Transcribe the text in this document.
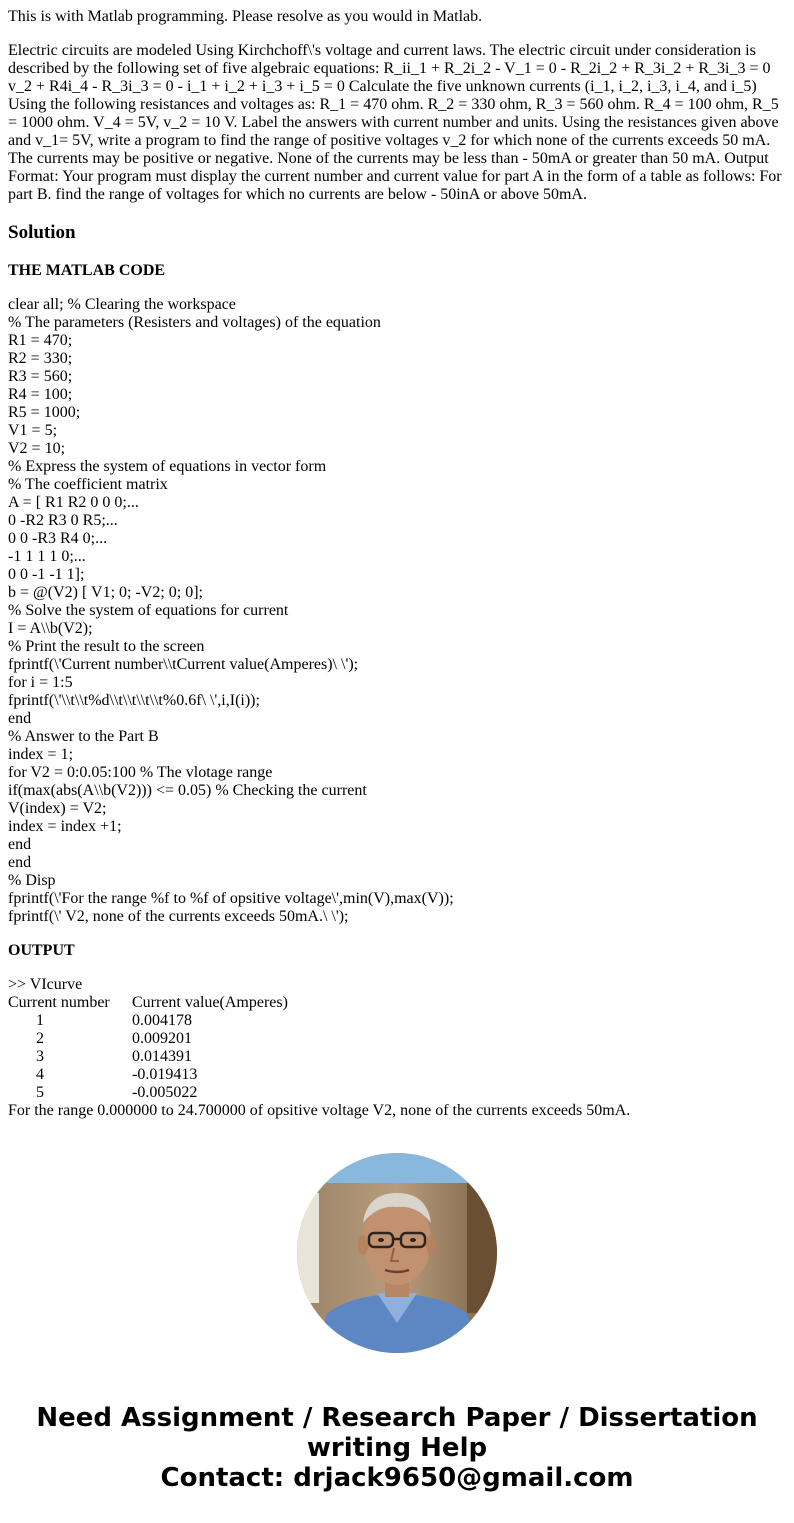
This is with Matlab programming. Please resolve as you would in Matlab.

Electric circuits are modeled Using Kirchchoff\'s voltage and current laws. The electric circuit under consideration is described by the following set of five algebraic equations: R_ii_1 + R_2i_2 - V_1 = 0 - R_2i_2 + R_3i_2 + R_3i_3 = 0 v_2 + R4i_4 - R_3i_3 = 0 - i_1 + i_2 + i_3 + i_5 = 0 Calculate the five unknown currents (i_1, i_2, i_3, i_4, and i_5) Using the following resistances and voltages as: R_1 = 470 ohm. R_2 = 330 ohm, R_3 = 560 ohm. R_4 = 100 ohm, R_5 = 1000 ohm. V_4 = 5V, v_2 = 10 V. Label the answers with current number and units. Using the resistances given above and v_1= 5V, write a program to find the range of positive voltages v_2 for which none of the currents exceeds 50 mA. The currents may be positive or negative. None of the currents may be less than - 50mA or greater than 50 mA. Output Format: Your program must display the current number and current value for part A in the form of a table as follows: For part B. find the range of voltages for which no currents are below - 50inA or above 50mA.

Solution
THE MATLAB CODE
clear all; % Clearing the workspace
% The parameters (Resisters and voltages) of the equation
R1 = 470;
R2 = 330;
R3 = 560;
R4 = 100;
R5 = 1000;
V1 = 5;
V2 = 10;
% Express the system of equations in vector form
% The coefficient matrix
A = [ R1 R2 0 0 0;...
0 -R2 R3 0 R5;...
0 0 -R3 R4 0;...
-1 1 1 1 0;...
0 0 -1 -1 1];
b = @(V2) [ V1; 0; -V2; 0; 0];
% Solve the system of equations for current
I = A\\b(V2);
% Print the result to the screen
fprintf(\'Current number\\tCurrent value(Amperes)\ \');
for i = 1:5
fprintf(\'\\t\\t%d\\t\\t\\t\\t%0.6f\ \',i,I(i));
end
% Answer to the Part B
index = 1;
for V2 = 0:0.05:100 % The vlotage range
if(max(abs(A\\b(V2))) <= 0.05) % Checking the current
V(index) = V2;
index = index +1;
end
end
% Disp
fprintf(\'For the range %f to %f of opsitive voltage\',min(V),max(V));
fprintf(\' V2, none of the currents exceeds 50mA.\ \');
OUTPUT
>> VIcurve
Current number	Current value(Amperes)
1	0.004178
2	0.009201
3	0.014391
4	-0.019413
5	-0.005022
For the range 0.000000 to 24.700000 of opsitive voltage V2, none of the currents exceeds 50mA.
Need Assignment / Research Paper / Dissertation
writing Help
Contact: drjack9650@gmail.com
